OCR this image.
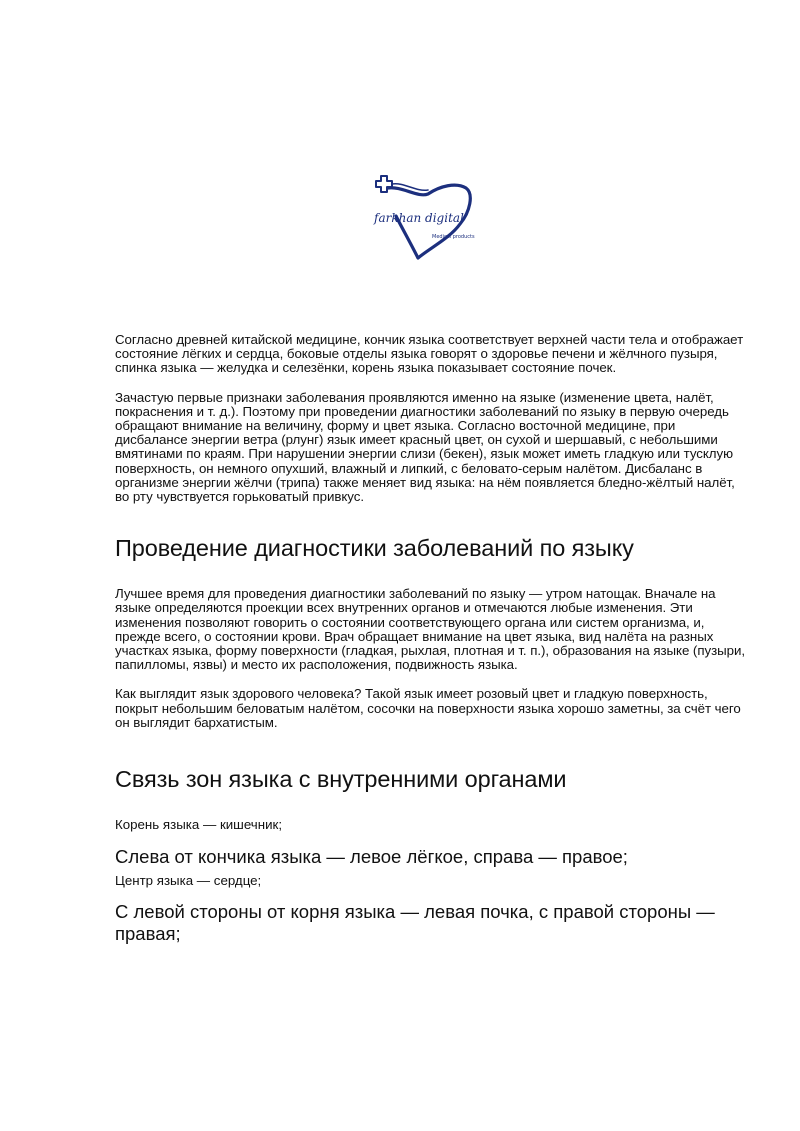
farkhan digital
Medical products

Согласно древней китайской медицине, кончик языка соответствует верхней части тела и отображает состояние лёгких и сердца, боковые отделы языка говорят о здоровье печени и жёлчного пузыря, спинка языка — желудка и селезёнки, корень языка показывает состояние почек.

Зачастую первые признаки заболевания проявляются именно на языке (изменение цвета, налёт, покраснения и т. д.). Поэтому при проведении диагностики заболеваний по языку в первую очередь обращают внимание на величину, форму и цвет языка. Согласно восточной медицине, при дисбалансе энергии ветра (рлунг) язык имеет красный цвет, он сухой и шершавый, с небольшими вмятинами по краям. При нарушении энергии слизи (бекен), язык может иметь гладкую или тусклую поверхность, он немного опухший, влажный и липкий, с беловато-серым налётом. Дисбаланс в организме энергии жёлчи (трипа) также меняет вид языка: на нём появляется бледно-жёлтый налёт, во рту чувствуется горьковатый привкус.

Проведение диагностики заболеваний по языку

Лучшее время для проведения диагностики заболеваний по языку — утром натощак. Вначале на языке определяются проекции всех внутренних органов и отмечаются любые изменения. Эти изменения позволяют говорить о состоянии соответствующего органа или систем организма, и, прежде всего, о состоянии крови. Врач обращает внимание на цвет языка, вид налёта на разных участках языка, форму поверхности (гладкая, рыхлая, плотная и т. п.), образования на языке (пузыри, папилломы, язвы) и место их расположения, подвижность языка.

Как выглядит язык здорового человека? Такой язык имеет розовый цвет и гладкую поверхность, покрыт небольшим беловатым налётом, сосочки на поверхности языка хорошо заметны, за счёт чего он выглядит бархатистым.

Связь зон языка с внутренними органами

Корень языка — кишечник;

Слева от кончика языка — левое лёгкое, справа — правое;

Центр языка — сердце;

С левой стороны от корня языка — левая почка, с правой стороны — правая;
